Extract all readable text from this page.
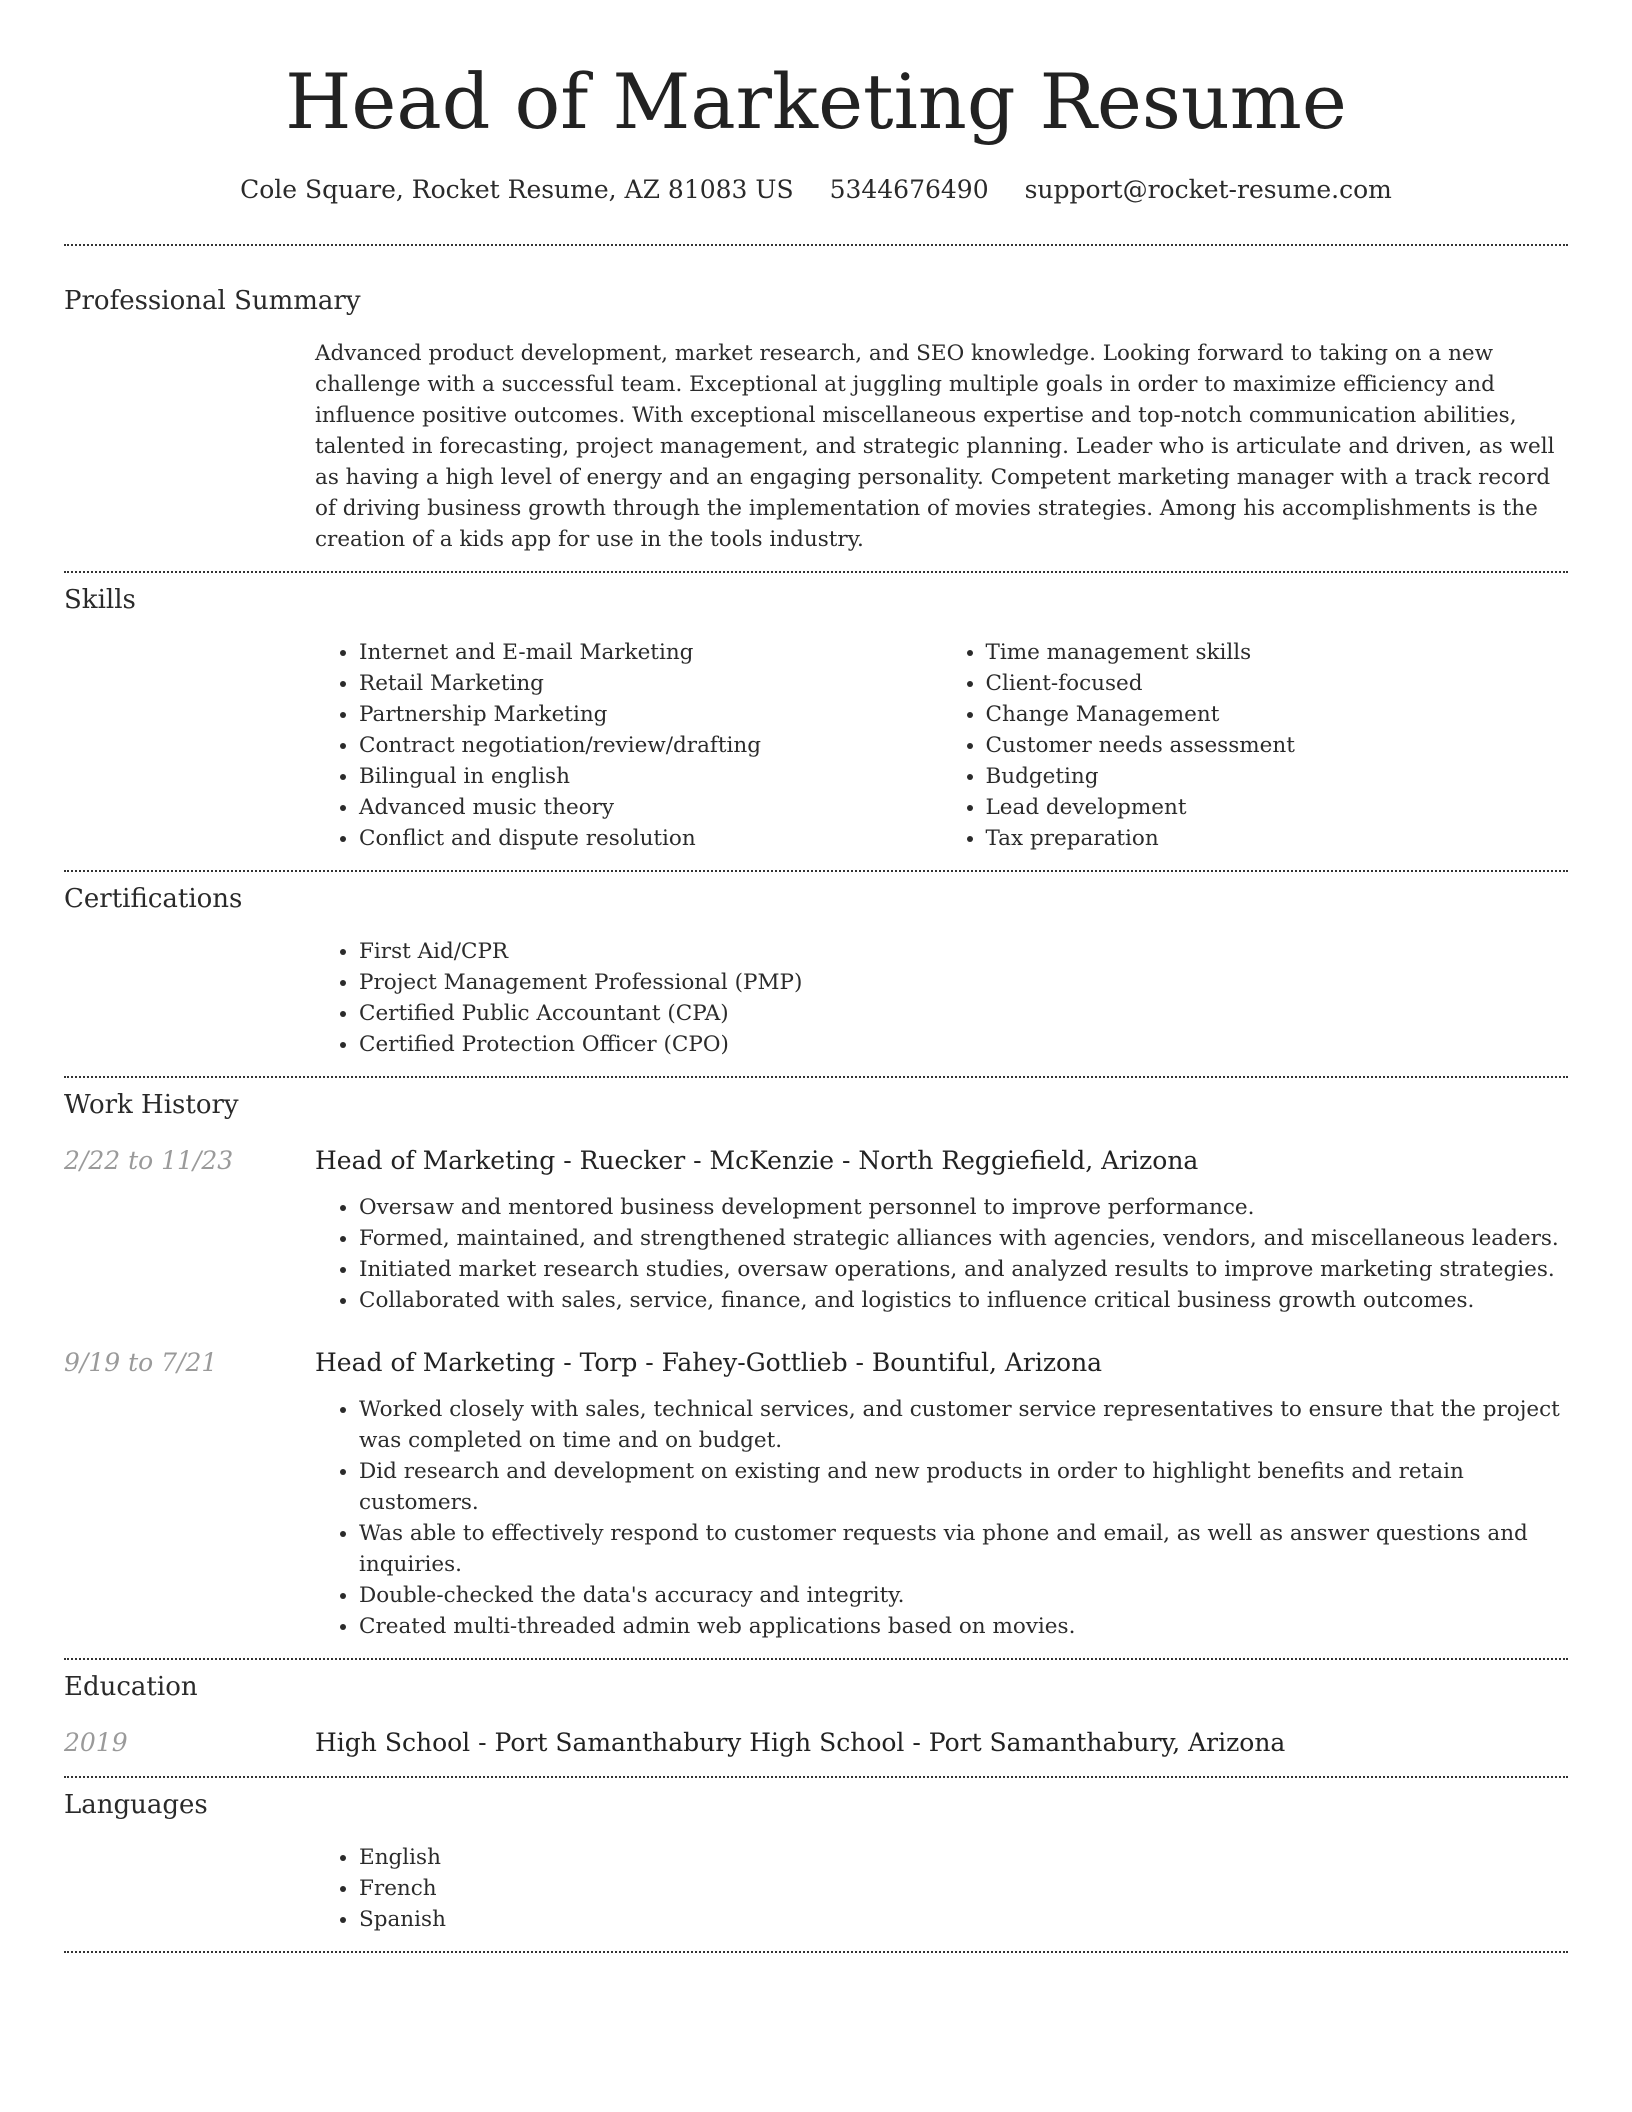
Head of Marketing Resume
Cole Square, Rocket Resume, AZ 81083 US 5344676490 support@rocket-resume.com
Professional Summary

Advanced product development, market research, and SEO knowledge. Looking forward to taking on a new challenge with a successful team. Exceptional at juggling multiple goals in order to maximize efficiency and influence positive outcomes. With exceptional miscellaneous expertise and top-notch communication abilities, talented in forecasting, project management, and strategic planning. Leader who is articulate and driven, as well as having a high level of energy and an engaging personality. Competent marketing manager with a track record of driving business growth through the implementation of movies strategies. Among his accomplishments is the creation of a kids app for use in the tools industry.

Skills
• Internet and E-mail Marketing
• Retail Marketing
• Partnership Marketing
• Contract negotiation/review/drafting
• Bilingual in english
• Advanced music theory
• Conflict and dispute resolution
• Time management skills
• Client-focused
• Change Management
• Customer needs assessment
• Budgeting
• Lead development
• Tax preparation
Certifications
• First Aid/CPR
• Project Management Professional (PMP)
• Certified Public Accountant (CPA)
• Certified Protection Officer (CPO)
Work History
2/22 to 11/23	Head of Marketing - Ruecker - McKenzie - North Reggiefield, Arizona
• Oversaw and mentored business development personnel to improve performance.
• Formed, maintained, and strengthened strategic alliances with agencies, vendors, and miscellaneous leaders.
• Initiated market research studies, oversaw operations, and analyzed results to improve marketing strategies.
• Collaborated with sales, service, finance, and logistics to influence critical business growth outcomes.
9/19 to 7/21	Head of Marketing - Torp - Fahey-Gottlieb - Bountiful, Arizona
• Worked closely with sales, technical services, and customer service representatives to ensure that the project was completed on time and on budget.
• Did research and development on existing and new products in order to highlight benefits and retain customers.
• Was able to effectively respond to customer requests via phone and email, as well as answer questions and inquiries.
• Double-checked the data's accuracy and integrity.
• Created multi-threaded admin web applications based on movies.
Education
2019	High School - Port Samanthabury High School - Port Samanthabury, Arizona
Languages
• English
• French
• Spanish
